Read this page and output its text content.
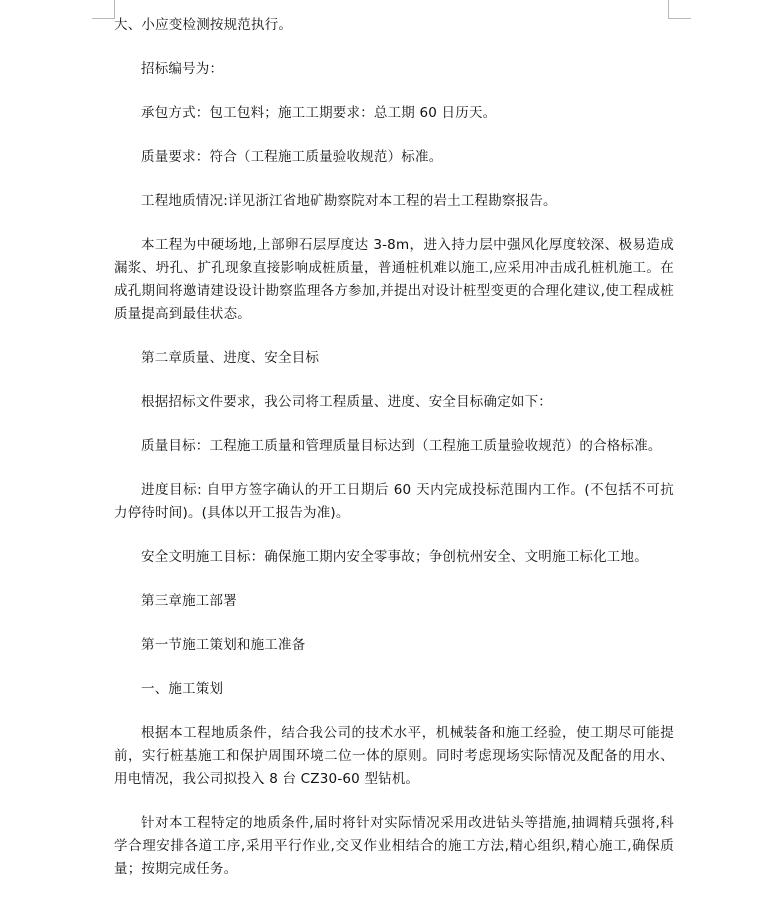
大、小应变检测按规范执行。

招标编号为：

承包方式：包工包料；施工工期要求：总工期 60 日历天。

质量要求：符合（工程施工质量验收规范）标准。

工程地质情况:详见浙江省地矿勘察院对本工程的岩土工程勘察报告。

本工程为中硬场地,上部卵石层厚度达 3-8m，进入持力层中强风化厚度较深、极易造成漏浆、坍孔、扩孔现象直接影响成桩质量，普通桩机难以施工,应采用冲击成孔桩机施工。在成孔期间将邀请建设设计勘察监理各方参加,并提出对设计桩型变更的合理化建议,使工程成桩质量提高到最佳状态。

第二章质量、进度、安全目标

根据招标文件要求，我公司将工程质量、进度、安全目标确定如下：

质量目标：工程施工质量和管理质量目标达到（工程施工质量验收规范）的合格标准。

进度目标: 自甲方签字确认的开工日期后 60 天内完成投标范围内工作。(不包括不可抗力停待时间)。(具体以开工报告为准)。

安全文明施工目标：确保施工期内安全零事故；争创杭州安全、文明施工标化工地。

第三章施工部署

第一节施工策划和施工准备

一、施工策划

根据本工程地质条件，结合我公司的技术水平，机械装备和施工经验，使工期尽可能提前，实行桩基施工和保护周围环境二位一体的原则。同时考虑现场实际情况及配备的用水、用电情况，我公司拟投入 8 台 CZ30-60 型钻机。

针对本工程特定的地质条件,届时将针对实际情况采用改进钻头等措施,抽调精兵强将,科学合理安排各道工序,采用平行作业,交叉作业相结合的施工方法,精心组织,精心施工,确保质量；按期完成任务。
